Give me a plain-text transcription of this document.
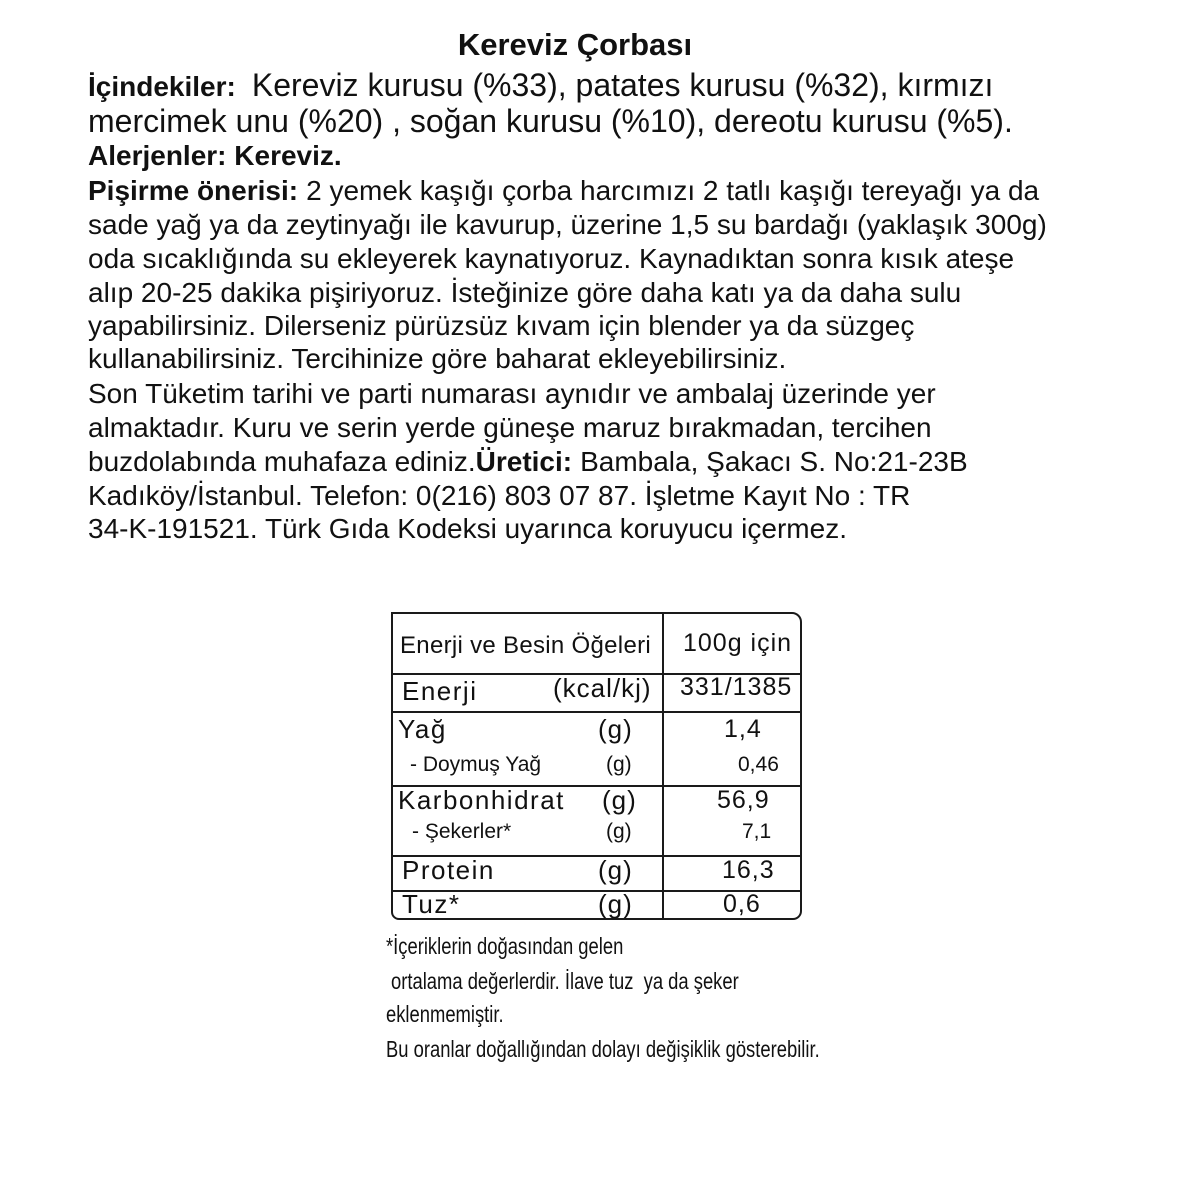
Kereviz Çorbası
İçindekiler: Kereviz kurusu (%33), patates kurusu (%32), kırmızı
mercimek unu (%20) , soğan kurusu (%10), dereotu kurusu (%5).
Alerjenler: Kereviz.
Pişirme önerisi: 2 yemek kaşığı çorba harcımızı 2 tatlı kaşığı tereyağı ya da
sade yağ ya da zeytinyağı ile kavurup, üzerine 1,5 su bardağı (yaklaşık 300g)
oda sıcaklığında su ekleyerek kaynatıyoruz. Kaynadıktan sonra kısık ateşe
alıp 20-25 dakika pişiriyoruz. İsteğinize göre daha katı ya da daha sulu
yapabilirsiniz. Dilerseniz pürüzsüz kıvam için blender ya da süzgeç
kullanabilirsiniz. Tercihinize göre baharat ekleyebilirsiniz.
Son Tüketim tarihi ve parti numarası aynıdır ve ambalaj üzerinde yer
almaktadır. Kuru ve serin yerde güneşe maruz bırakmadan, tercihen
buzdolabında muhafaza ediniz.Üretici: Bambala, Şakacı S. No:21-23B
Kadıköy/İstanbul. Telefon: 0(216) 803 07 87. İşletme Kayıt No : TR
34-K-191521. Türk Gıda Kodeksi uyarınca koruyucu içermez.
Enerji ve Besin Öğeleri 100g için
Enerji	(kcal/kj) 331/1385
Yağ	(g)	1,4
- Doymuş Yağ	(g)	0,46
Karbonhidrat (g)	56,9
- Şekerler*	(g)	7,1
Protein	(g)	16,3
Tuz*	(g)	0,6
*İçeriklerin doğasından gelen
ortalama değerlerdir. İlave tuz  ya da şeker
eklenmemiştir.
Bu oranlar doğallığından dolayı değişiklik gösterebilir.
